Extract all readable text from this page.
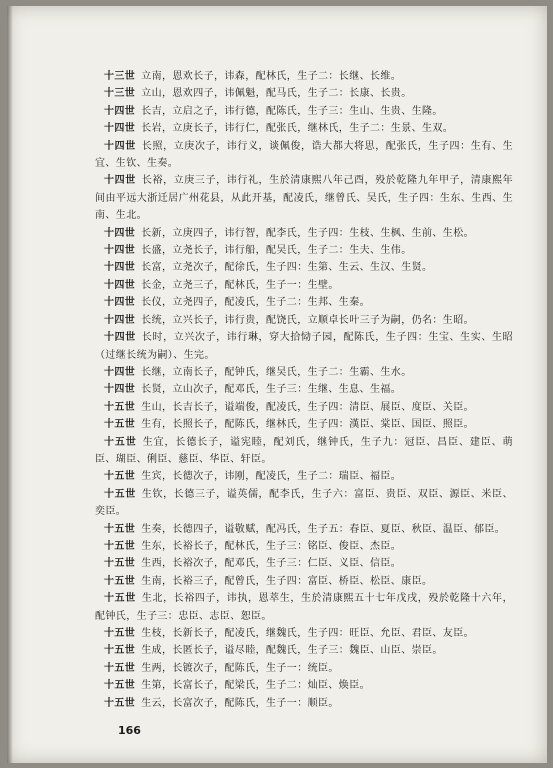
十三世 立南，恩欢长子，讳森，配林氏，生子二：长继、长维。

十三世 立山，恩欢四子，讳佩魁，配马氏，生子二：长康、长贵。

十四世 长吉，立启之子，讳行德，配陈氏，生子三：生山、生贵、生隆。

十四世 长岩，立庚长子，讳行仁，配张氏，继林氏，生子二：生景、生双。

十四世 长照，立庚次子，讳行义，谈佩俊，诰大都大将思，配张氏，生子四：生有、生宜、生钦、生奏。

十四世 长裕，立庚三子，讳行礼，生於清康熙八年己酉，殁於乾隆九年甲子，清康熙年间由平远大浙迁居广州花县，从此开基，配凌氏，继曾氏、吴氏，生子四：生东、生西、生南、生北。

十四世 长新，立庚四子，讳行智，配李氏，生子四：生枝、生枫、生前、生松。

十四世 长盛，立尧长子，讳行船，配吴氏，生子二：生夫、生伟。

十四世 长富，立尧次子，配徐氏，生子四：生第、生云、生汉、生贤。

十四世 长金，立尧三子，配林氏，生子一：生壁。

十四世 长仪，立尧四子，配凌氏，生子二：生邦、生秦。

十四世 长统，立兴长子，讳行贵，配饶氏，立顺卓长叶三子为嗣，仍名：生昭。

十四世 长时，立兴次子，讳行琳，穿大拾恸子园，配陈氏，生子四：生宝、生实、生昭（过继长统为嗣）、生完。

十四世 长继，立南长子，配钟氏，继吴氏，生子二：生霸、生水。

十四世 长贤，立山次子，配邓氏，生子三：生继、生息、生福。

十五世 生山，长吉长子，谥端俊，配凌氏，生子四：清臣、展臣、度臣、关臣。

十五世 生有，长照长子，配陈氏，继林氏，生子四：漢臣、棠臣、国臣、照臣。

十五世 生宜，长德长子，谥宪睦，配刘氏，继钟氏，生子九：冠臣、昌臣、建臣、萌臣、瑚臣、俐臣、慈臣、华臣、轩臣。

十五世 生宾，长德次子，讳刚，配凌氏，生子二：瑞臣、福臣。

十五世 生钦，长德三子，谥英儒，配李氏，生子六：富臣、贵臣、双臣、源臣、米臣、奕臣。

十五世 生奏，长德四子，谥敬赋，配冯氏，生子五：春臣、夏臣、秋臣、温臣、郁臣。

十五世 生东，长裕长子，配林氏，生子三：铭臣、俊臣、杰臣。

十五世 生西，长裕次子，配邓氏，生子三：仁臣、义臣、信臣。

十五世 生南，长裕三子，配曾氏，生子四：富臣、桥臣、松臣、康臣。

十五世 生北，长裕四子，讳执，恩萃生，生於清康熙五十七年戊戌，殁於乾隆十六年，配钟氏，生子三：忠臣、志臣、恕臣。

十五世 生枝，长新长子，配凌氏，继魏氏，生子四：旺臣、允臣、君臣、友臣。

十五世 生成，长匿长子，谥尽睦，配魏氏，生子三：魏臣、山臣、崇臣。

十五世 生两，长镀次子，配陈氏，生子一：统臣。

十五世 生第，长富长子，配梁氏，生子二：灿臣、焕臣。

十五世 生云，长富次子，配陈氏，生子一：顺臣。

166
